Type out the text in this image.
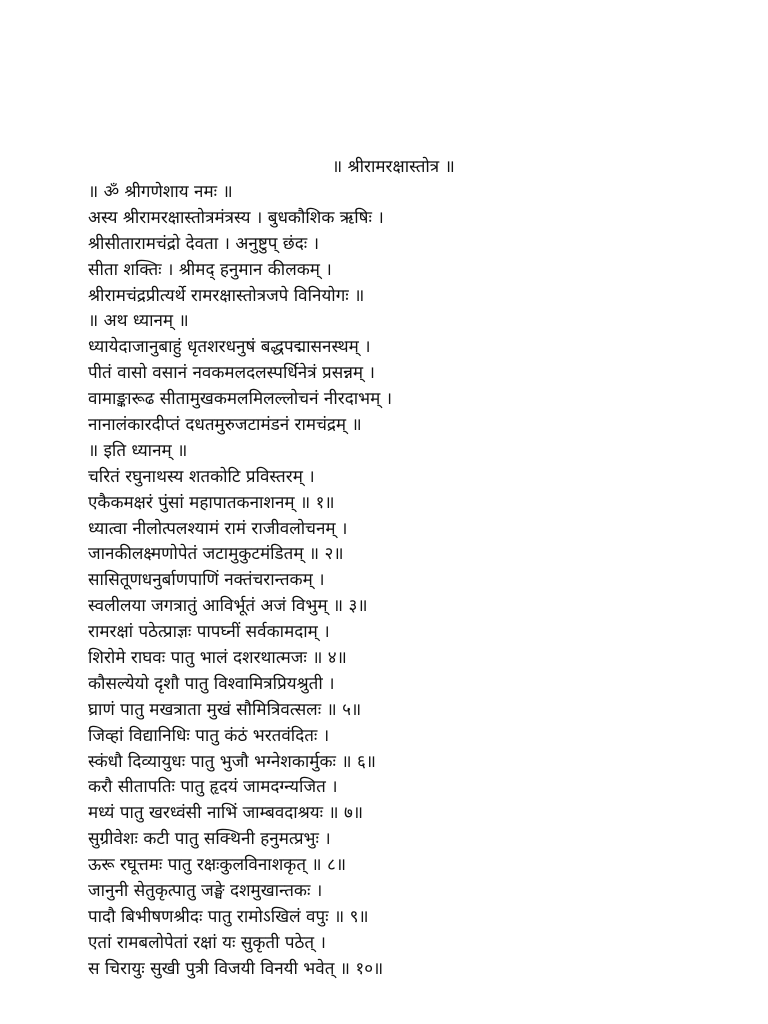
॥ श्रीरामरक्षास्तोत्र ॥
॥ ॐ श्रीगणेशाय नमः ॥
अस्य श्रीरामरक्षास्तोत्रमंत्रस्य । बुधकौशिक ऋषिः ।
श्रीसीतारामचंद्रो देवता । अनुष्टुप् छंदः ।
सीता शक्तिः । श्रीमद् हनुमान कीलकम् ।
श्रीरामचंद्रप्रीत्यर्थे रामरक्षास्तोत्रजपे विनियोगः ॥
॥ अथ ध्यानम् ॥
ध्यायेदाजानुबाहुं धृतशरधनुषं बद्धपद्मासनस्थम् ।
पीतं वासो वसानं नवकमलदलस्पर्धिनेत्रं प्रसन्नम् ।
वामाङ्कारूढ सीतामुखकमलमिलल्लोचनं नीरदाभम् ।
नानालंकारदीप्तं दधतमुरुजटामंडनं रामचंद्रम् ॥
॥ इति ध्यानम् ॥
चरितं रघुनाथस्य शतकोटि प्रविस्तरम् ।
एकैकमक्षरं पुंसां महापातकनाशनम् ॥ १॥
ध्यात्वा नीलोत्पलश्यामं रामं राजीवलोचनम् ।
जानकीलक्ष्मणोपेतं जटामुकुटमंडितम् ॥ २॥
सासितूणधनुर्बाणपाणिं नक्तंचरान्तकम् ।
स्वलीलया जगत्रातुं आविर्भूतं अजं विभुम् ॥ ३॥
रामरक्षां पठेत्प्राज्ञः पापघ्नीं सर्वकामदाम् ।
शिरोमे राघवः पातु भालं दशरथात्मजः ॥ ४॥
कौसल्येयो दृशौ पातु विश्वामित्रप्रियश्रुती ।
घ्राणं पातु मखत्राता मुखं सौमित्रिवत्सलः ॥ ५॥
जिव्हां विद्यानिधिः पातु कंठं भरतवंदितः ।
स्कंधौ दिव्यायुधः पातु भुजौ भग्नेशकार्मुकः ॥ ६॥
करौ सीतापतिः पातु हृदयं जामदग्न्यजित ।
मध्यं पातु खरध्वंसी नाभिं जाम्बवदाश्रयः ॥ ७॥
सुग्रीवेशः कटी पातु सक्थिनी हनुमत्प्रभुः ।
ऊरू रघूत्तमः पातु रक्षःकुलविनाशकृत् ॥ ८॥
जानुनी सेतुकृत्पातु जङ्घे दशमुखान्तकः ।
पादौ बिभीषणश्रीदः पातु रामोऽखिलं वपुः ॥ ९॥
एतां रामबलोपेतां रक्षां यः सुकृती पठेत् ।
स चिरायुः सुखी पुत्री विजयी विनयी भवेत् ॥ १०॥
